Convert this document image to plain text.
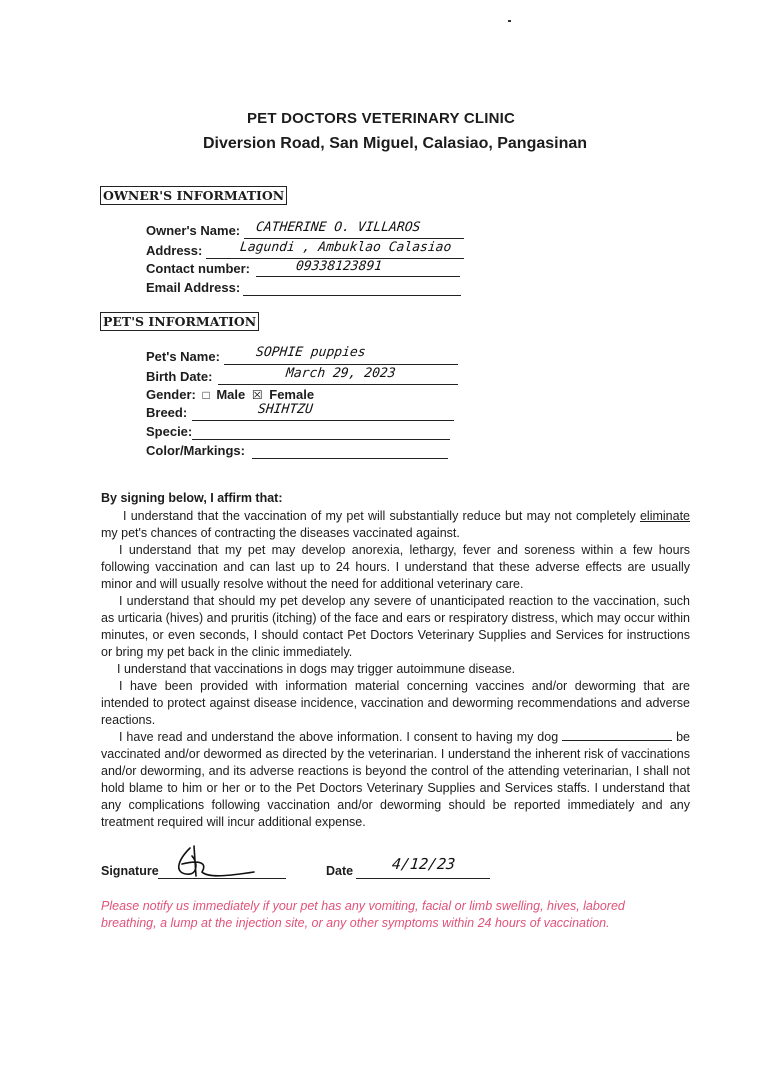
PET DOCTORS VETERINARY CLINIC
Diversion Road, San Miguel, Calasiao, Pangasinan
OWNER'S INFORMATION
Owner's Name: CATHERINE O. VILLAROS
Address:	Lagundi , Ambuklao Calasiao
Contact number:	09338123891
Email Address:
PET'S INFORMATION
Pet's Name:	SOPHIE puppies
Birth Date:	March 29, 2023
Gender: □ Male ☒ Female
Breed:	SHIHTZU
Specie:
Color/Markings:
By signing below, I affirm that:
I understand that the vaccination of my pet will substantially reduce but may not completely eliminate my pet's chances of contracting the diseases vaccinated against.
I understand that my pet may develop anorexia, lethargy, fever and soreness within a few hours following vaccination and can last up to 24 hours. I understand that these adverse effects are usually minor and will usually resolve without the need for additional veterinary care.
I understand that should my pet develop any severe of unanticipated reaction to the vaccination, such as urticaria (hives) and pruritis (itching) of the face and ears or respiratory distress, which may occur within minutes, or even seconds, I should contact Pet Doctors Veterinary Supplies and Services for instructions or bring my pet back in the clinic immediately.
I understand that vaccinations in dogs may trigger autoimmune disease.
I have been provided with information material concerning vaccines and/or deworming that are intended to protect against disease incidence, vaccination and deworming recommendations and adverse reactions.
I have read and understand the above information. I consent to having my dog	be vaccinated and/or dewormed as directed by the veterinarian. I understand the inherent risk of vaccinations and/or deworming, and its adverse reactions is beyond the control of the attending veterinarian, I shall not hold blame to him or her or to the Pet Doctors Veterinary Supplies and Services staffs. I understand that any complications following vaccination and/or deworming should be reported immediately and any treatment required will incur additional expense.
Signature	Date	4/12/23
Please notify us immediately if your pet has any vomiting, facial or limb swelling, hives, labored breathing, a lump at the injection site, or any other symptoms within 24 hours of vaccination.
